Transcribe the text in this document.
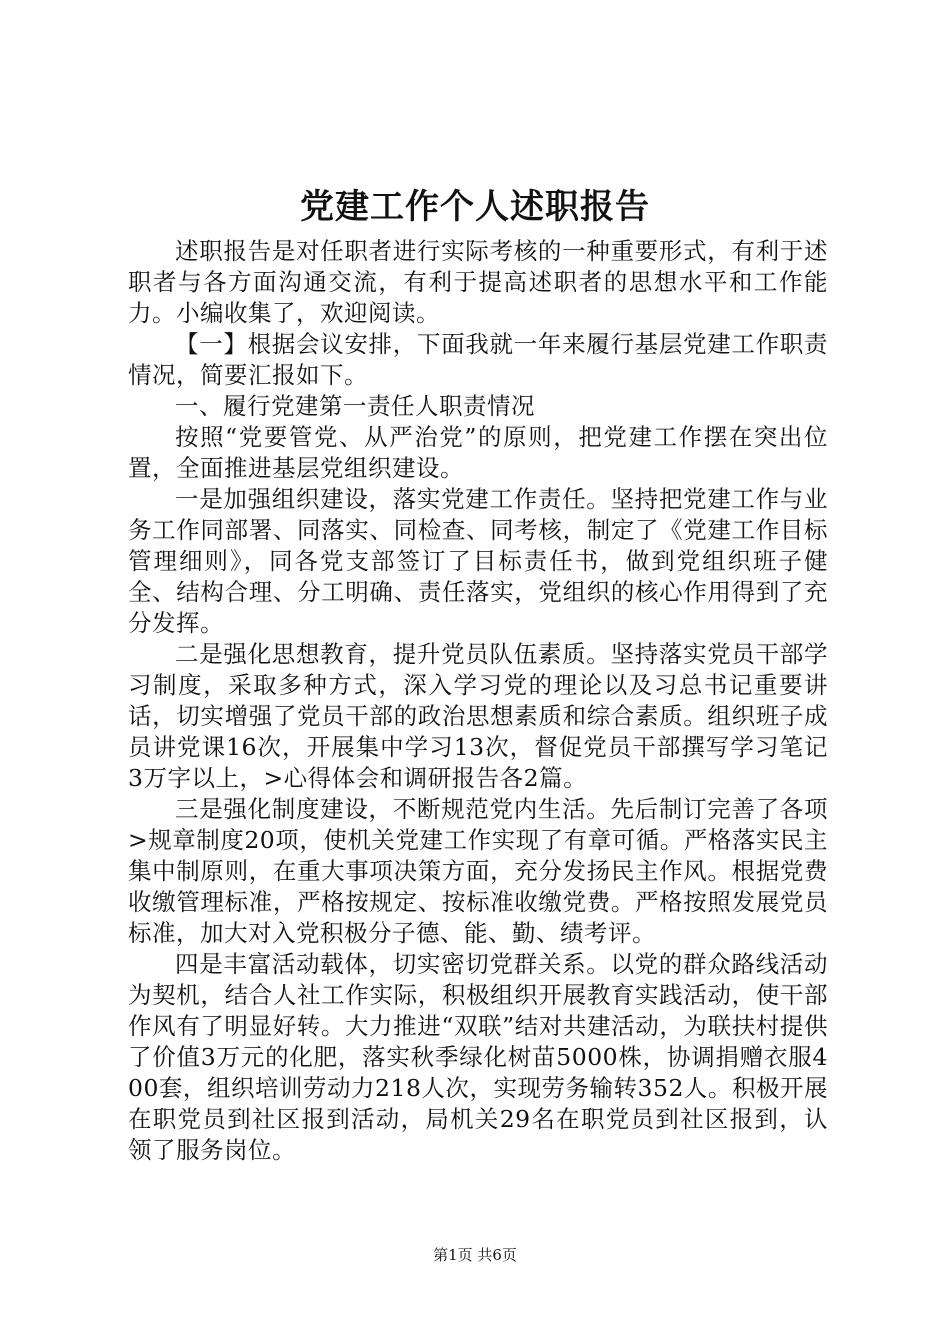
党建工作个人述职报告

述职报告是对任职者进行实际考核的一种重要形式，有利于述职者与各方面沟通交流，有利于提高述职者的思想水平和工作能力。小编收集了，欢迎阅读。

【一】根据会议安排，下面我就一年来履行基层党建工作职责情况，简要汇报如下。

一、履行党建第一责任人职责情况

按照“党要管党、从严治党”的原则，把党建工作摆在突出位置，全面推进基层党组织建设。

一是加强组织建设，落实党建工作责任。坚持把党建工作与业务工作同部署、同落实、同检查、同考核，制定了《党建工作目标管理细则》，同各党支部签订了目标责任书，做到党组织班子健全、结构合理、分工明确、责任落实，党组织的核心作用得到了充分发挥。

二是强化思想教育，提升党员队伍素质。坚持落实党员干部学习制度，采取多种方式，深入学习党的理论以及习总书记重要讲话，切实增强了党员干部的政治思想素质和综合素质。组织班子成员讲党课16次，开展集中学习13次，督促党员干部撰写学习笔记3万字以上，>心得体会和调研报告各2篇。

三是强化制度建设，不断规范党内生活。先后制订完善了各项>规章制度20项，使机关党建工作实现了有章可循。严格落实民主集中制原则，在重大事项决策方面，充分发扬民主作风。根据党费收缴管理标准，严格按规定、按标准收缴党费。严格按照发展党员标准，加大对入党积极分子德、能、勤、绩考评。

四是丰富活动载体，切实密切党群关系。以党的群众路线活动为契机，结合人社工作实际，积极组织开展教育实践活动，使干部作风有了明显好转。大力推进“双联”结对共建活动，为联扶村提供了价值3万元的化肥，落实秋季绿化树苗5000株，协调捐赠衣服400套，组织培训劳动力218人次，实现劳务输转352人。积极开展在职党员到社区报到活动，局机关29名在职党员到社区报到，认领了服务岗位。

第1页 共6页
